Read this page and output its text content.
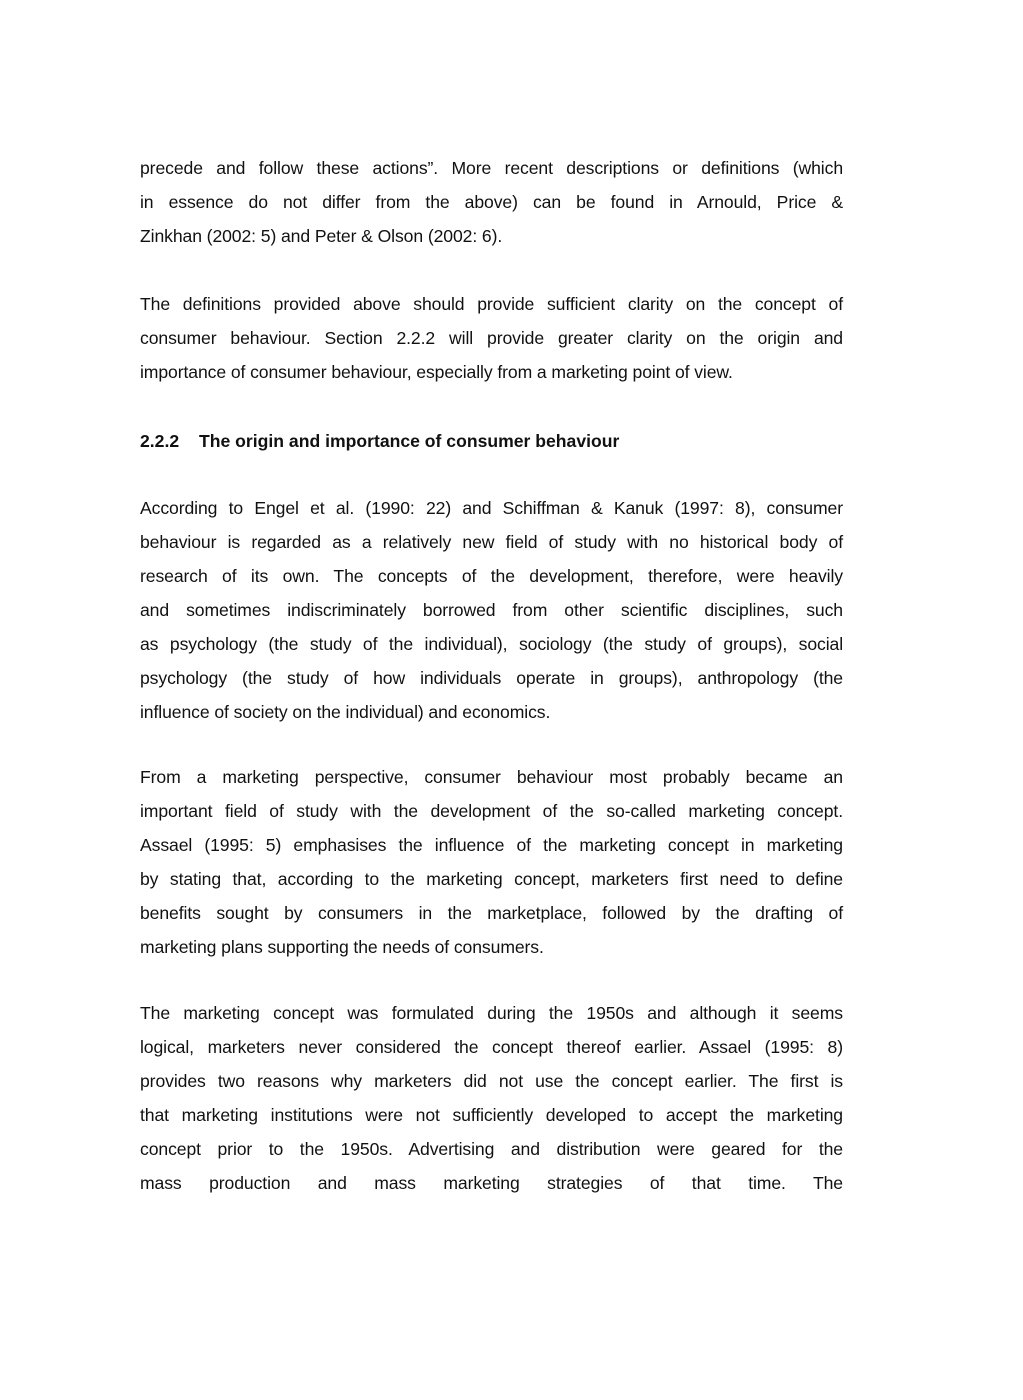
precede and follow these actions”. More recent descriptions or definitions (which
in essence do not differ from the above) can be found in Arnould, Price &
Zinkhan (2002: 5) and Peter & Olson (2002: 6).
The definitions provided above should provide sufficient clarity on the concept of
consumer behaviour. Section 2.2.2 will provide greater clarity on the origin and
importance of consumer behaviour, especially from a marketing point of view.
2.2.2 The origin and importance of consumer behaviour
According to Engel et al. (1990: 22) and Schiffman & Kanuk (1997: 8), consumer
behaviour is regarded as a relatively new field of study with no historical body of
research of its own. The concepts of the development, therefore, were heavily
and sometimes indiscriminately borrowed from other scientific disciplines, such
as psychology (the study of the individual), sociology (the study of groups), social
psychology (the study of how individuals operate in groups), anthropology (the
influence of society on the individual) and economics.
From a marketing perspective, consumer behaviour most probably became an
important field of study with the development of the so-called marketing concept.
Assael (1995: 5) emphasises the influence of the marketing concept in marketing
by stating that, according to the marketing concept, marketers first need to define
benefits sought by consumers in the marketplace, followed by the drafting of
marketing plans supporting the needs of consumers.
The marketing concept was formulated during the 1950s and although it seems
logical, marketers never considered the concept thereof earlier. Assael (1995: 8)
provides two reasons why marketers did not use the concept earlier. The first is
that marketing institutions were not sufficiently developed to accept the marketing
concept prior to the 1950s. Advertising and distribution were geared for the
mass production and mass marketing strategies of that time. The
